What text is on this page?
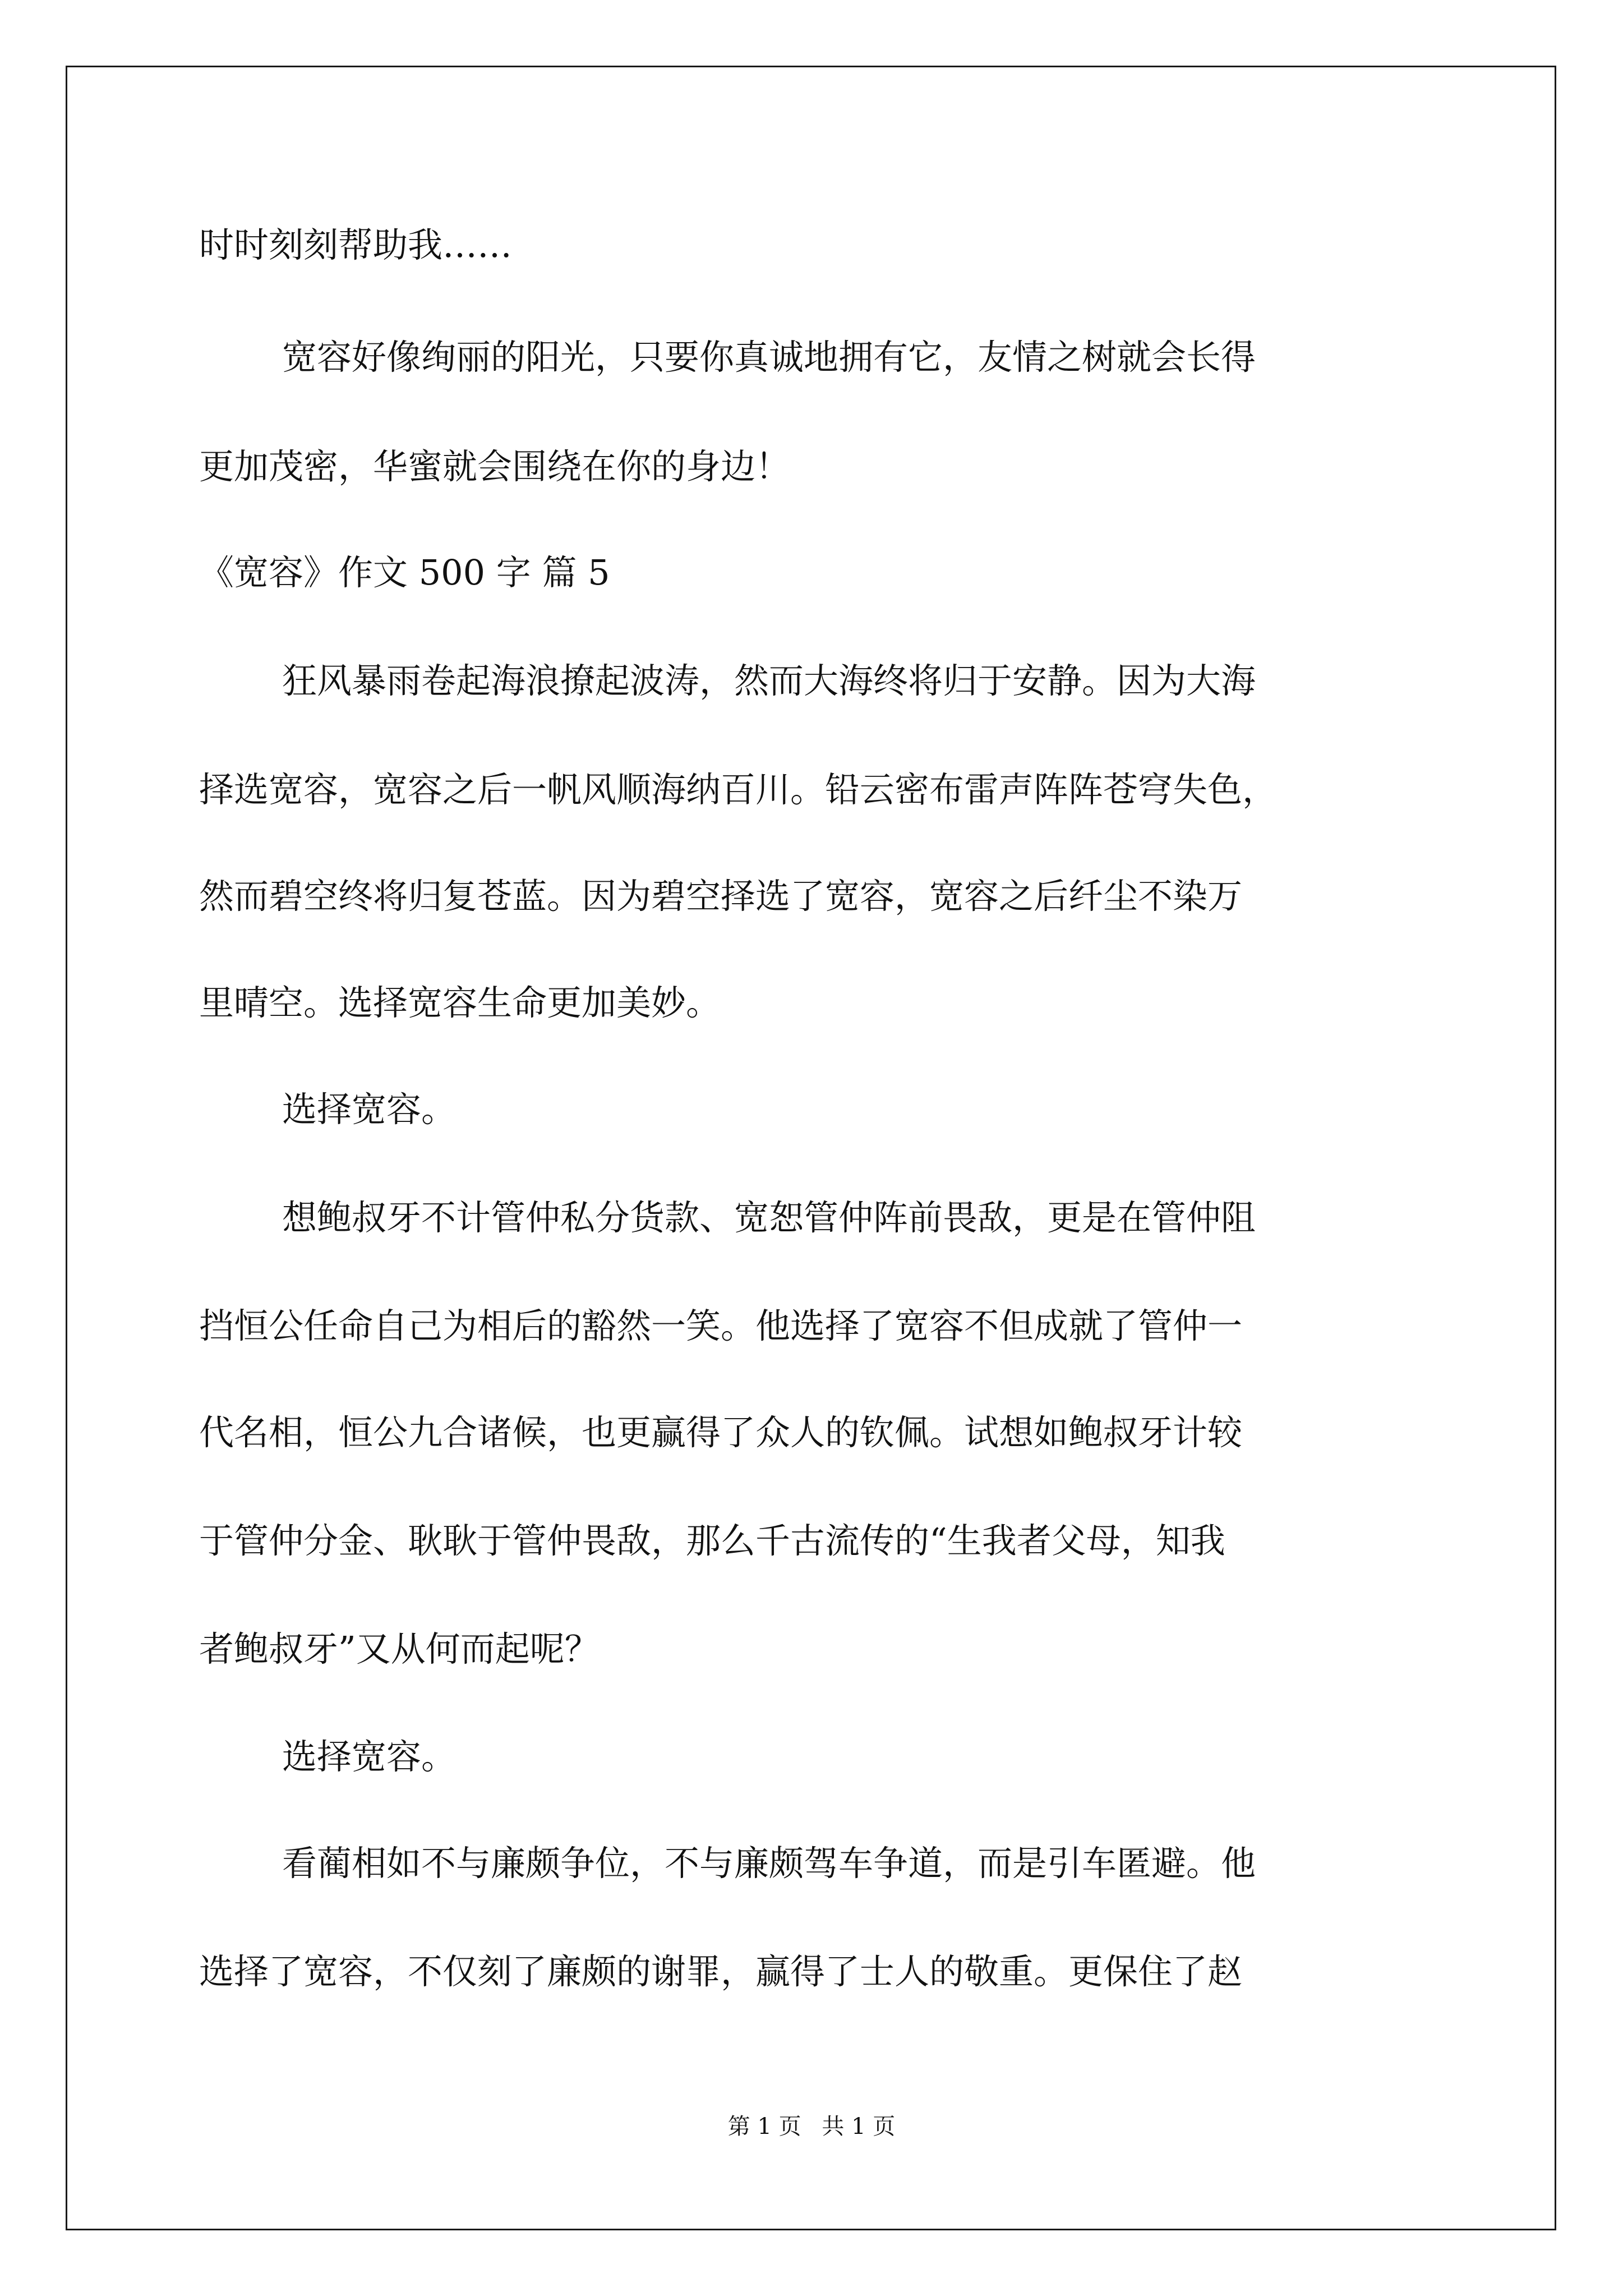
时时刻刻帮助我……

宽容好像绚丽的阳光，只要你真诚地拥有它，友情之树就会长得

更加茂密，华蜜就会围绕在你的身边！

《宽容》作文 500 字 篇 5

狂风暴雨卷起海浪撩起波涛，然而大海终将归于安静。因为大海

择选宽容，宽容之后一帆风顺海纳百川。铅云密布雷声阵阵苍穹失色，

然而碧空终将归复苍蓝。因为碧空择选了宽容，宽容之后纤尘不染万

里晴空。选择宽容生命更加美妙。

选择宽容。

想鲍叔牙不计管仲私分货款、宽恕管仲阵前畏敌，更是在管仲阻

挡恒公任命自己为相后的豁然一笑。他选择了宽容不但成就了管仲一

代名相，恒公九合诸候，也更赢得了众人的钦佩。试想如鲍叔牙计较

于管仲分金、耿耿于管仲畏敌，那么千古流传的“生我者父母，知我

者鲍叔牙”又从何而起呢？

选择宽容。

看蔺相如不与廉颇争位，不与廉颇驾车争道，而是引车匿避。他

选择了宽容，不仅刻了廉颇的谢罪，赢得了士人的敬重。更保住了赵

第 1 页 共 1 页
